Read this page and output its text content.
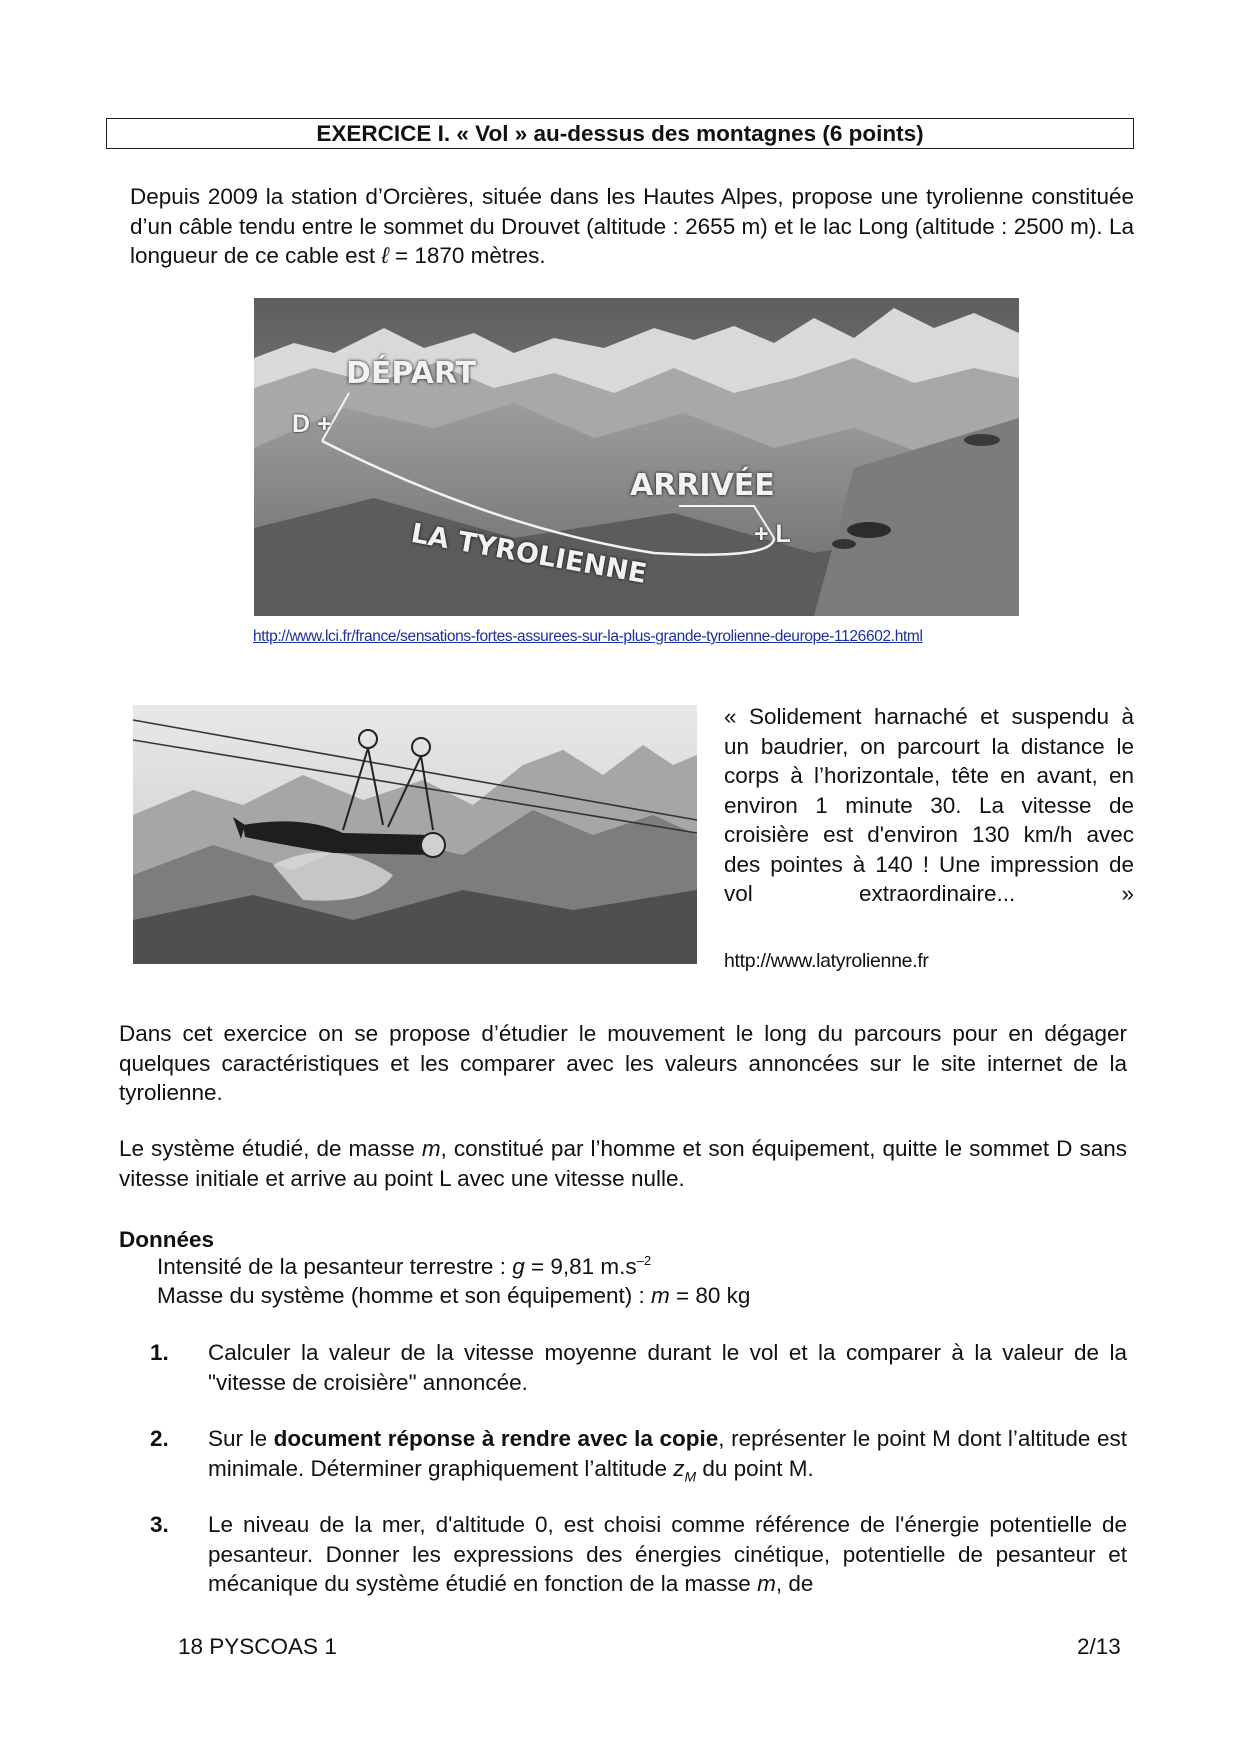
EXERCICE I. « Vol » au-dessus des montagnes (6 points)
Depuis 2009 la station d’Orcières, située dans les Hautes Alpes, propose une tyrolienne constituée d’un câble tendu entre le sommet du Drouvet (altitude : 2655 m) et le lac Long (altitude : 2500 m). La longueur de ce cable est ℓ = 1870 mètres.
DÉPART
D +
ARRIVÉE
+ L
LA TYROLIENNE
http://www.lci.fr/france/sensations-fortes-assurees-sur-la-plus-grande-tyrolienne-deurope-1126602.html
« Solidement harnaché et suspendu à un baudrier, on parcourt la distance le corps à l’horizontale, tête en avant, en environ 1 minute 30. La vitesse de croisière est d'environ 130 km/h avec des pointes à 140 ! Une impression de vol extraordinaire... »
http://www.latyrolienne.fr
Dans cet exercice on se propose d’étudier le mouvement le long du parcours pour en dégager quelques caractéristiques et les comparer avec les valeurs annoncées sur le site internet de la tyrolienne.
Le système étudié, de masse m, constitué par l’homme et son équipement, quitte le sommet D sans vitesse initiale et arrive au point L avec une vitesse nulle.
Données
Intensité de la pesanteur terrestre : g = 9,81 $m.s^{-2}$
Masse du système (homme et son équipement) : m = 80 kg
1. Calculer la valeur de la vitesse moyenne durant le vol et la comparer à la valeur de la "vitesse de croisière" annoncée.
2. Sur le document réponse à rendre avec la copie, représenter le point M dont l’altitude est minimale. Déterminer graphiquement l’altitude $z_M$ du point M.
3. Le niveau de la mer, d'altitude 0, est choisi comme référence de l'énergie potentielle de pesanteur. Donner les expressions des énergies cinétique, potentielle de pesanteur et mécanique du système étudié en fonction de la masse m, de
18 PYSCOAS 1	2/13
